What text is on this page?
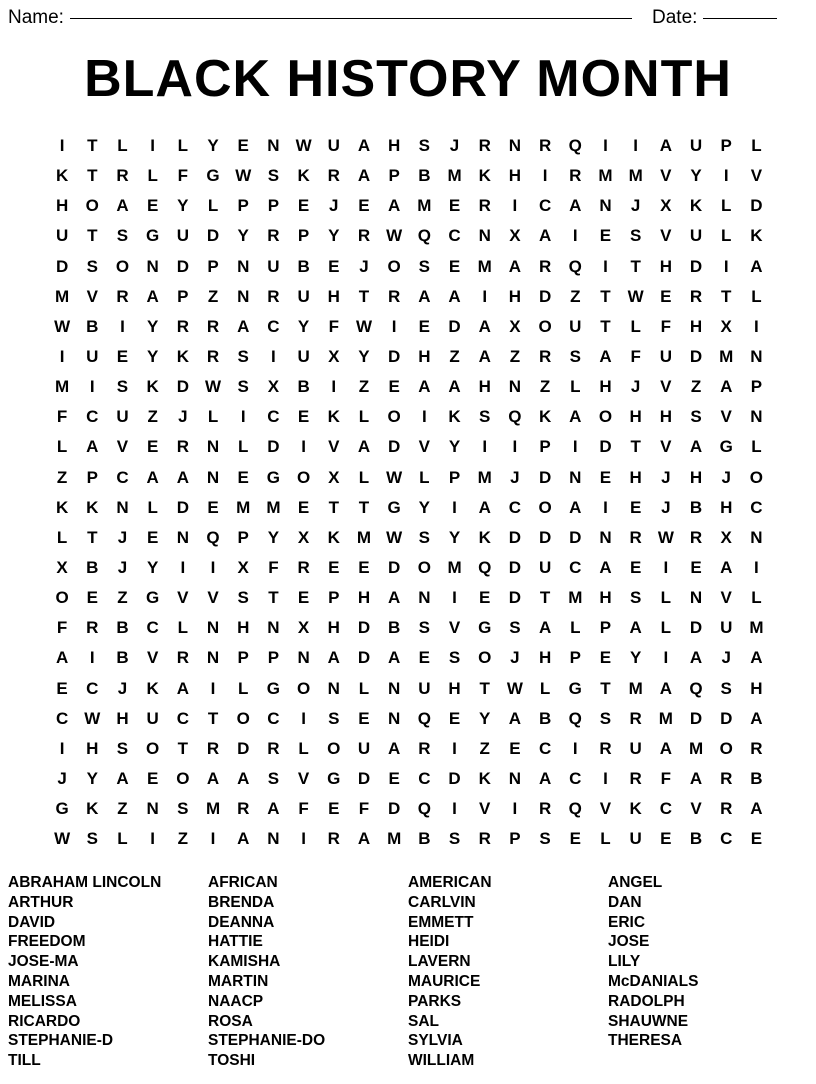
Name:	Date:
BLACK HISTORY MONTH
I	T	L	I	L	Y	E	N W U	A	H	S	J	R	N	R	Q	I	I	A	U	P	L
K	T	R	L	F	G W S	K	R	A	P	B M K	H	I	R M M	V	Y	I	V
H	O	A	E	Y	L	P	P	E	J	E	A M	E	R	I	C	A	N	J	X	K	L	D
U	T	S	G	U	D	Y	R	P	Y	R W Q	C	N	X	A	I	E	S	V	U	L	K
D	S	O	N	D	P	N	U	B	E	J	O	S	E	M A	R	Q	I	T	H	D	I	A
M	V	R	A	P	Z	N	R	U	H	T	R	A	A	I	H	D	Z	T W E	R	T	L
W B	I	Y	R	R	A	C	Y	F W	I	E	D	A	X	O	U	T	L	F	H	X	I
I	U	E	Y	K	R	S	I	U	X	Y	D	H	Z	A	Z	R	S	A	F	U	D M N
M	I	S	K	D W S	X	B	I	Z	E	A	A	H	N	Z	L	H	J	V	Z	A	P
F	C	U	Z	J	L	I	C	E	K	L	O	I	K	S	Q	K	A	O	H	H	S	V	N
L	A	V	E	R	N	L	D	I	V	A	D	V	Y	I	I	P	I	D	T	V	A	G	L
Z	P	C	A	A	N	E	G O	X	L W L	P	M	J	D	N	E	H	J	H	J	O
K	K	N	L	D	E	M M	E	T	T	G	Y	I	A	C	O	A	I	E	J	B	H	C
L	T	J	E	N	Q	P	Y	X	K M W S	Y	K	D	D	D	N	R W R	X	N
X	B	J	Y	I	I	X	F	R	E	E	D	O M Q	D	U	C	A	E	I	E	A	I
O	E	Z	G	V	V	S	T	E	P	H	A	N	I	E	D	T	M H	S	L	N	V	L
F	R	B	C	L	N	H	N	X	H	D	B	S	V	G	S	A	L	P	A	L	D	U M
A	I	B	V	R	N	P	P	N	A	D	A	E	S	O	J	H	P	E	Y	I	A	J	A
E	C	J	K	A	I	L	G O	N	L	N	U	H	T W L	G	T	M A	Q	S	H
C W H	U	C	T	O	C	I	S	E	N	Q	E	Y	A	B	Q	S	R M D	D	A
I	H	S	O	T	R	D	R	L	O	U	A	R	I	Z	E	C	I	R	U	A M O	R
J	Y	A	E	O	A	A	S	V	G	D	E	C	D	K	N	A	C	I	R	F	A	R	B
G	K	Z	N	S	M R	A	F	E	F	D	Q	I	V	I	R	Q	V	K	C	V	R	A
W S	L	I	Z	I	A	N	I	R	A M B	S	R	P	S	E	L	U	E	B	C	E
ABRAHAM LINCOLN	AFRICAN	AMERICAN	ANGEL
ARTHUR	BRENDA	CARLVIN	DAN
DAVID	DEANNA	EMMETT	ERIC
FREEDOM	HATTIE	HEIDI	JOSE
JOSE-MA	KAMISHA	LAVERN	LILY
MARINA	MARTIN	MAURICE	McDANIALS
MELISSA	NAACP	PARKS	RADOLPH
RICARDO	ROSA	SAL	SHAUWNE
STEPHANIE-D	STEPHANIE-DO	SYLVIA	THERESA
TILL	TOSHI	WILLIAM
